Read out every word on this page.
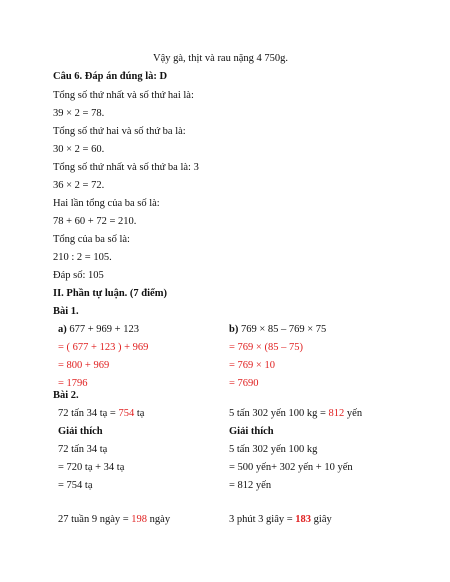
Vậy gà, thịt và rau nặng 4 750g.
Câu 6. Đáp án đúng là: D
Tổng số thứ nhất và số thứ hai là:
39 × 2 = 78.
Tổng số thứ hai và số thứ ba là:
30 × 2 = 60.
Tổng số thứ nhất và số thứ ba là: 3
36 × 2 = 72.
Hai lần tổng của ba số là:
78 + 60 + 72 = 210.
Tổng của ba số là:
210 : 2 = 105.
Đáp số: 105
II. Phần tự luận. (7 điểm)
Bài 1.
a) 677 + 969 + 123
= ( 677 + 123 ) + 969
= 800 + 969
= 1796
b) 769 × 85 – 769 × 75
= 769 × (85 – 75)
= 769 × 10
= 7690
Bài 2.
72 tấn 34 tạ = 754 tạ
Giải thích
72 tấn 34 tạ
= 720 tạ + 34 tạ
= 754 tạ
27 tuần 9 ngày = 198 ngày
5 tấn 302 yến 100 kg = 812 yến
Giải thích
5 tấn 302 yến 100 kg
= 500 yến+ 302 yến + 10 yến
= 812 yến
3 phút 3 giây = 183 giây
